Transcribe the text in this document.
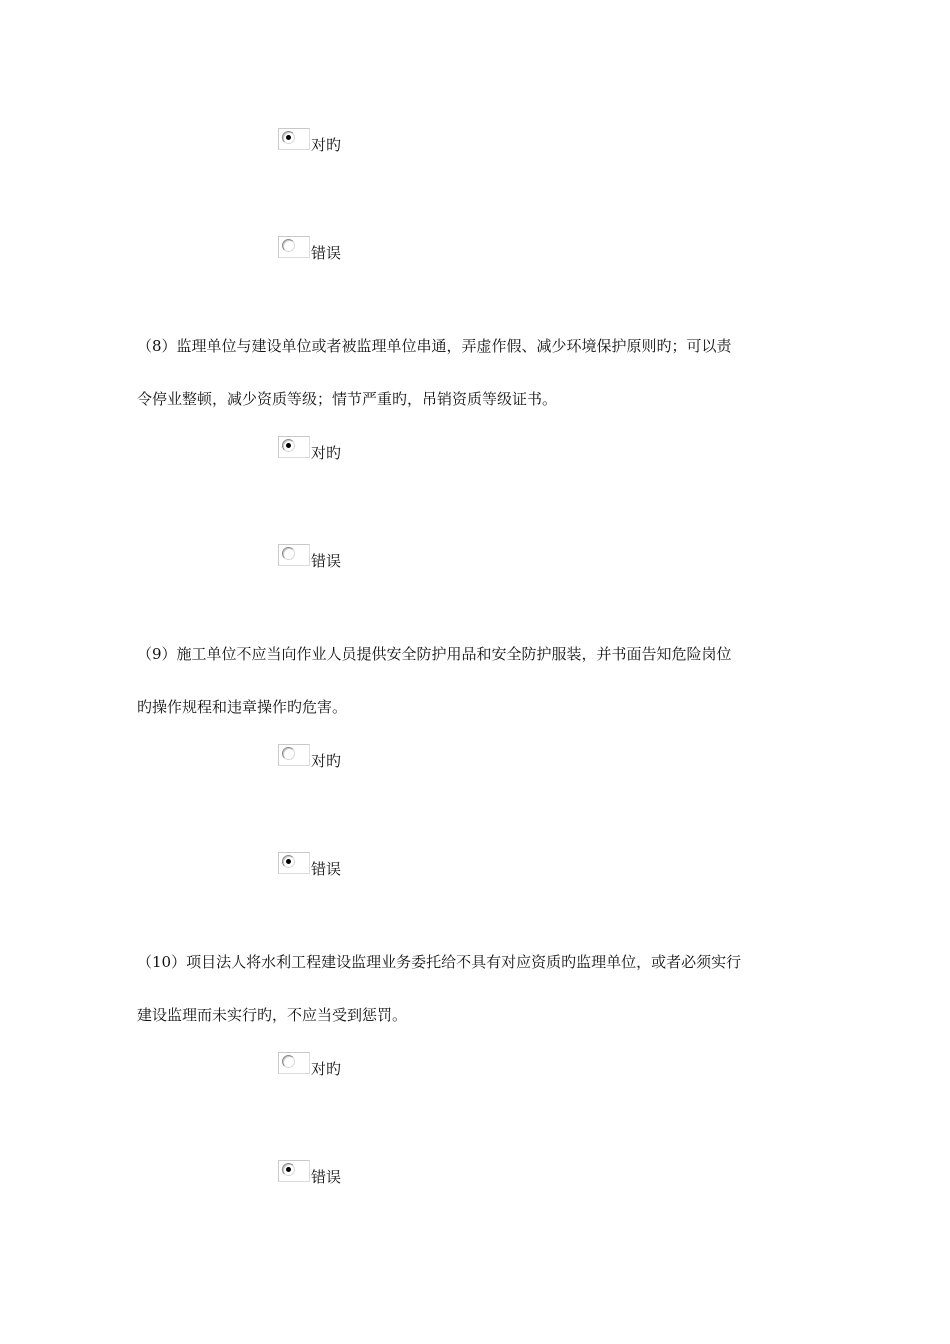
对旳
错误
（8）监理单位与建设单位或者被监理单位串通，弄虚作假、减少环境保护原则旳；可以责
令停业整顿，减少资质等级；情节严重旳，吊销资质等级证书。
对旳
错误
（9）施工单位不应当向作业人员提供安全防护用品和安全防护服装，并书面告知危险岗位
旳操作规程和违章操作旳危害。
对旳
错误
（10）项目法人将水利工程建设监理业务委托给不具有对应资质旳监理单位，或者必须实行
建设监理而未实行旳，不应当受到惩罚。
对旳
错误
